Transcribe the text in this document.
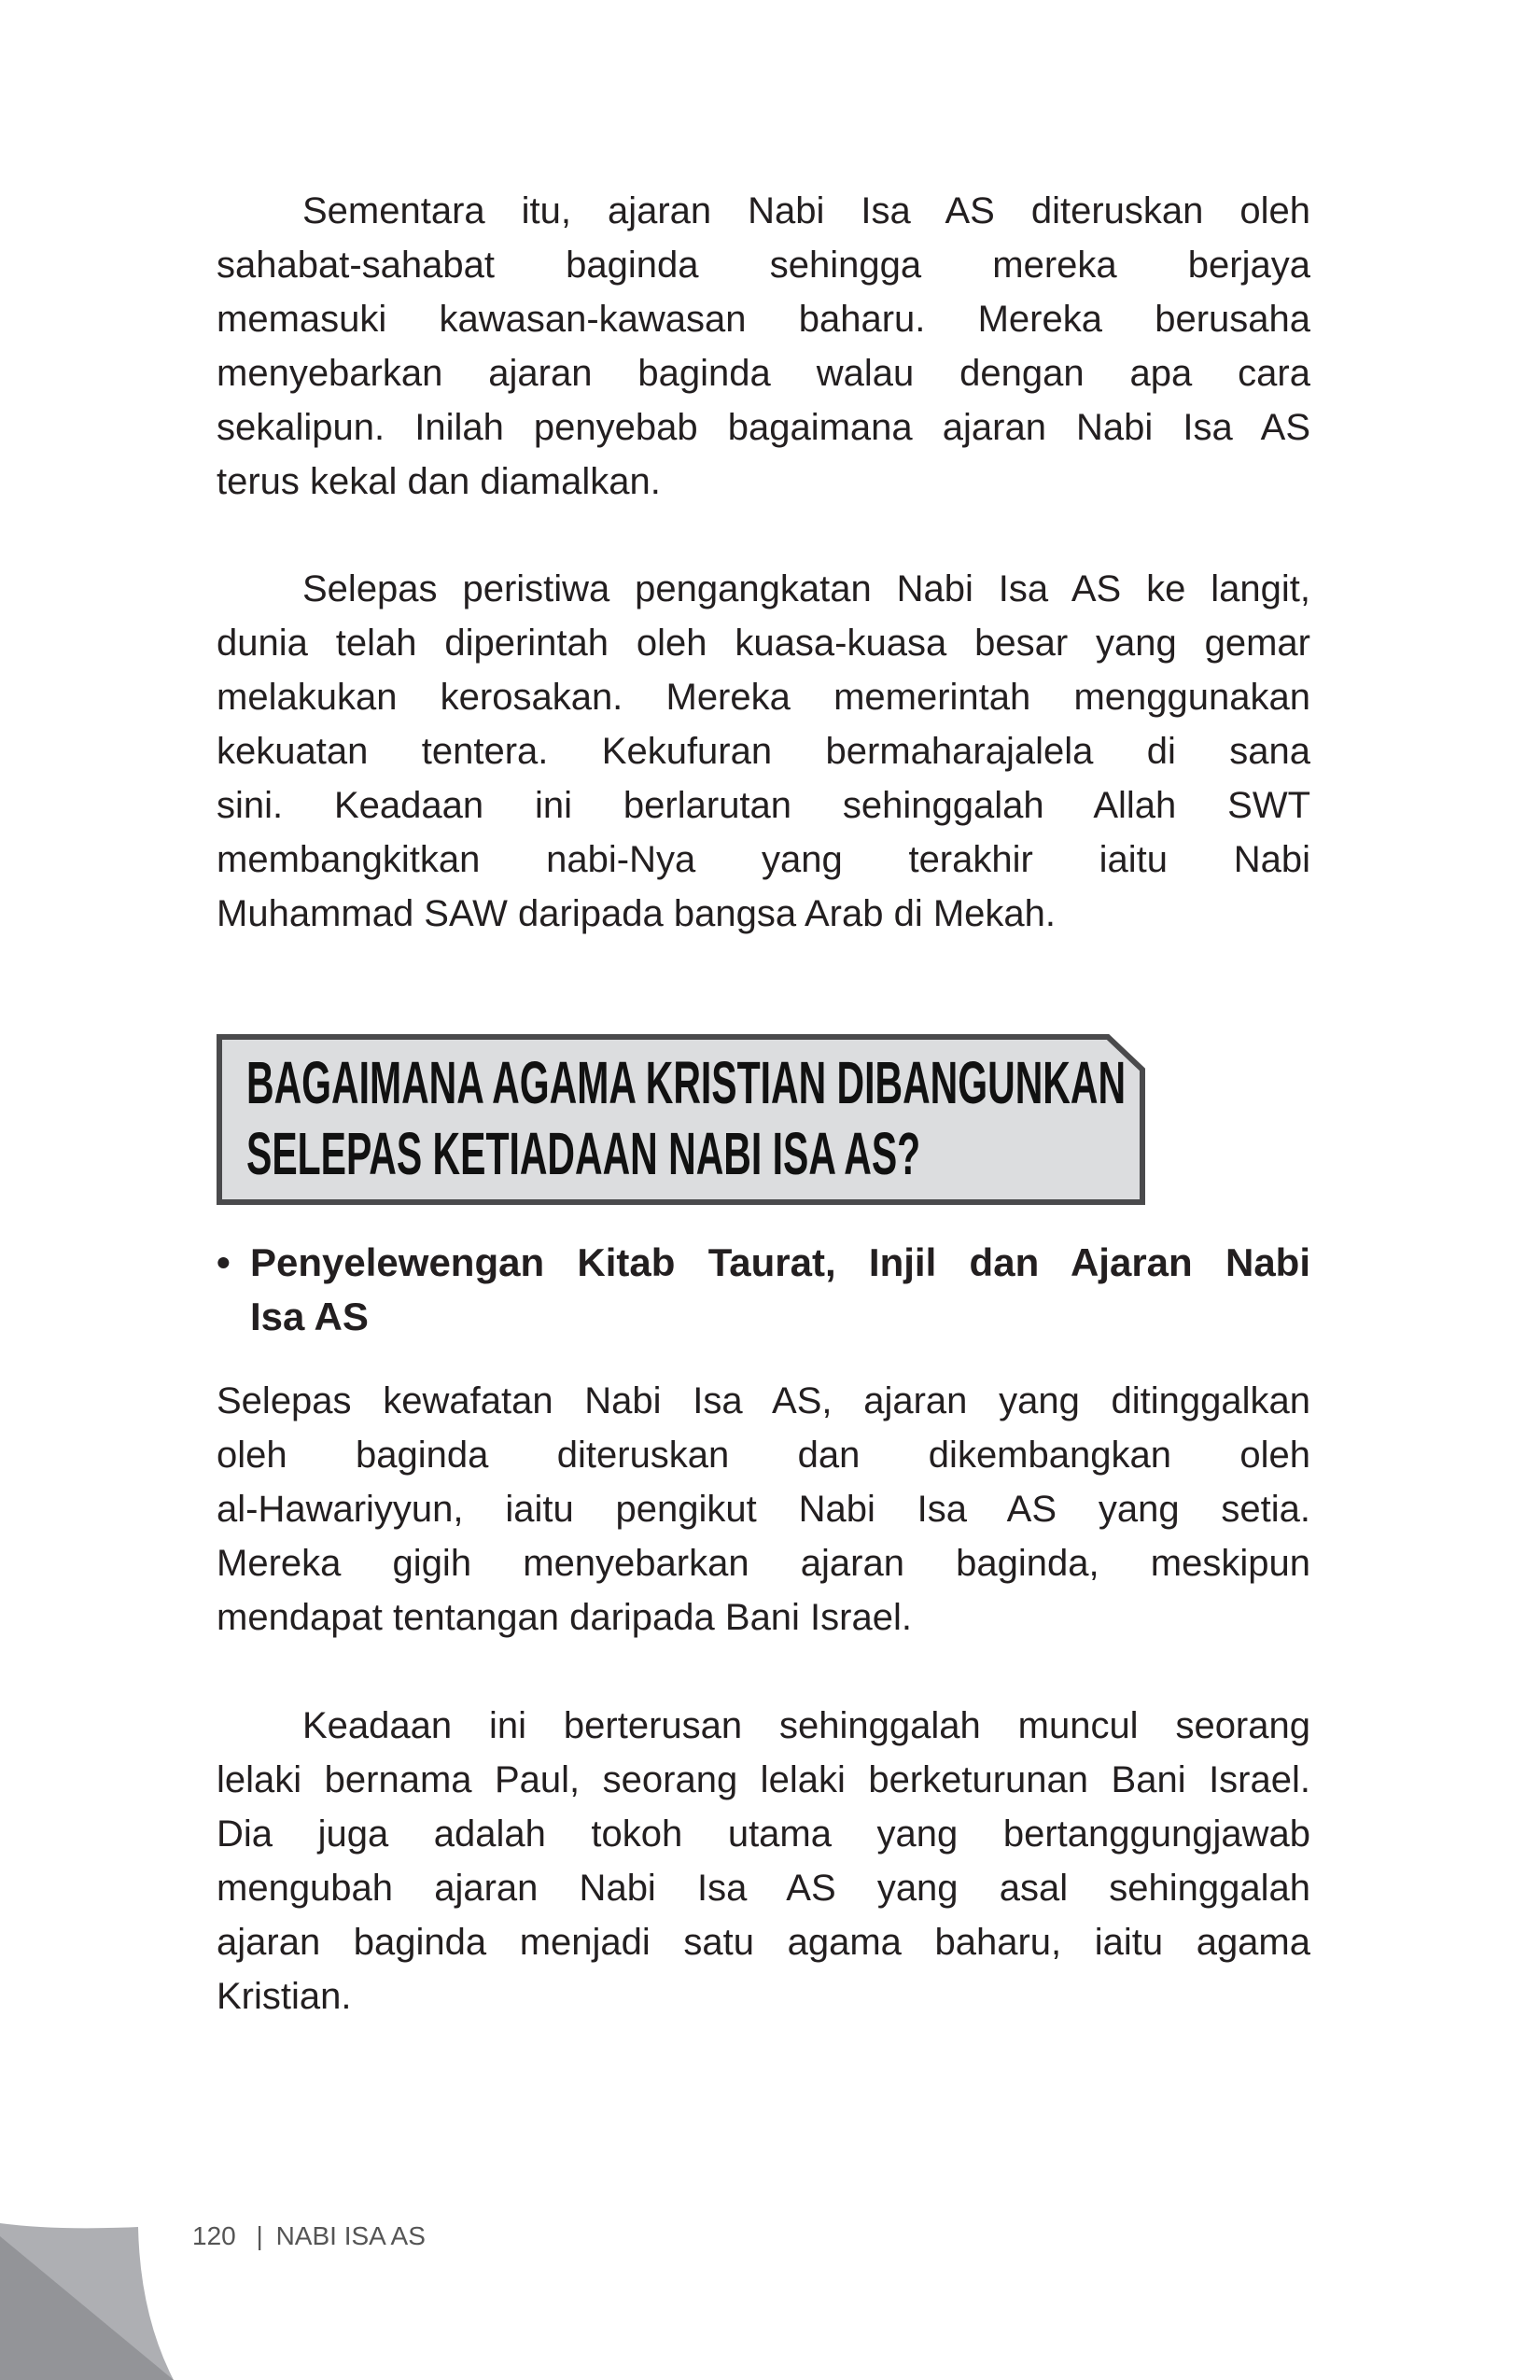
Sementara itu, ajaran Nabi Isa AS diteruskan oleh
sahabat-sahabat baginda sehingga mereka berjaya
memasuki kawasan-kawasan baharu. Mereka berusaha
menyebarkan ajaran baginda walau dengan apa cara
sekalipun. Inilah penyebab bagaimana ajaran Nabi Isa AS
terus kekal dan diamalkan.
Selepas peristiwa pengangkatan Nabi Isa AS ke langit,
dunia telah diperintah oleh kuasa-kuasa besar yang gemar
melakukan kerosakan. Mereka memerintah menggunakan
kekuatan tentera. Kekufuran bermaharajalela di sana
sini. Keadaan ini berlarutan sehinggalah Allah SWT
membangkitkan nabi-Nya yang terakhir iaitu Nabi
Muhammad SAW daripada bangsa Arab di Mekah.
BAGAIMANA AGAMA KRISTIAN DIBANGUNKAN
SELEPAS KETIADAAN NABI ISA AS?
• Penyelewengan Kitab Taurat, Injil dan Ajaran Nabi
Isa AS
Selepas kewafatan Nabi Isa AS, ajaran yang ditinggalkan
oleh baginda diteruskan dan dikembangkan oleh
al-Hawariyyun, iaitu pengikut Nabi Isa AS yang setia.
Mereka gigih menyebarkan ajaran baginda, meskipun
mendapat tentangan daripada Bani Israel.
Keadaan ini berterusan sehinggalah muncul seorang
lelaki bernama Paul, seorang lelaki berketurunan Bani Israel.
Dia juga adalah tokoh utama yang bertanggungjawab
mengubah ajaran Nabi Isa AS yang asal sehinggalah
ajaran baginda menjadi satu agama baharu, iaitu agama
Kristian.
120 | NABI ISA AS
